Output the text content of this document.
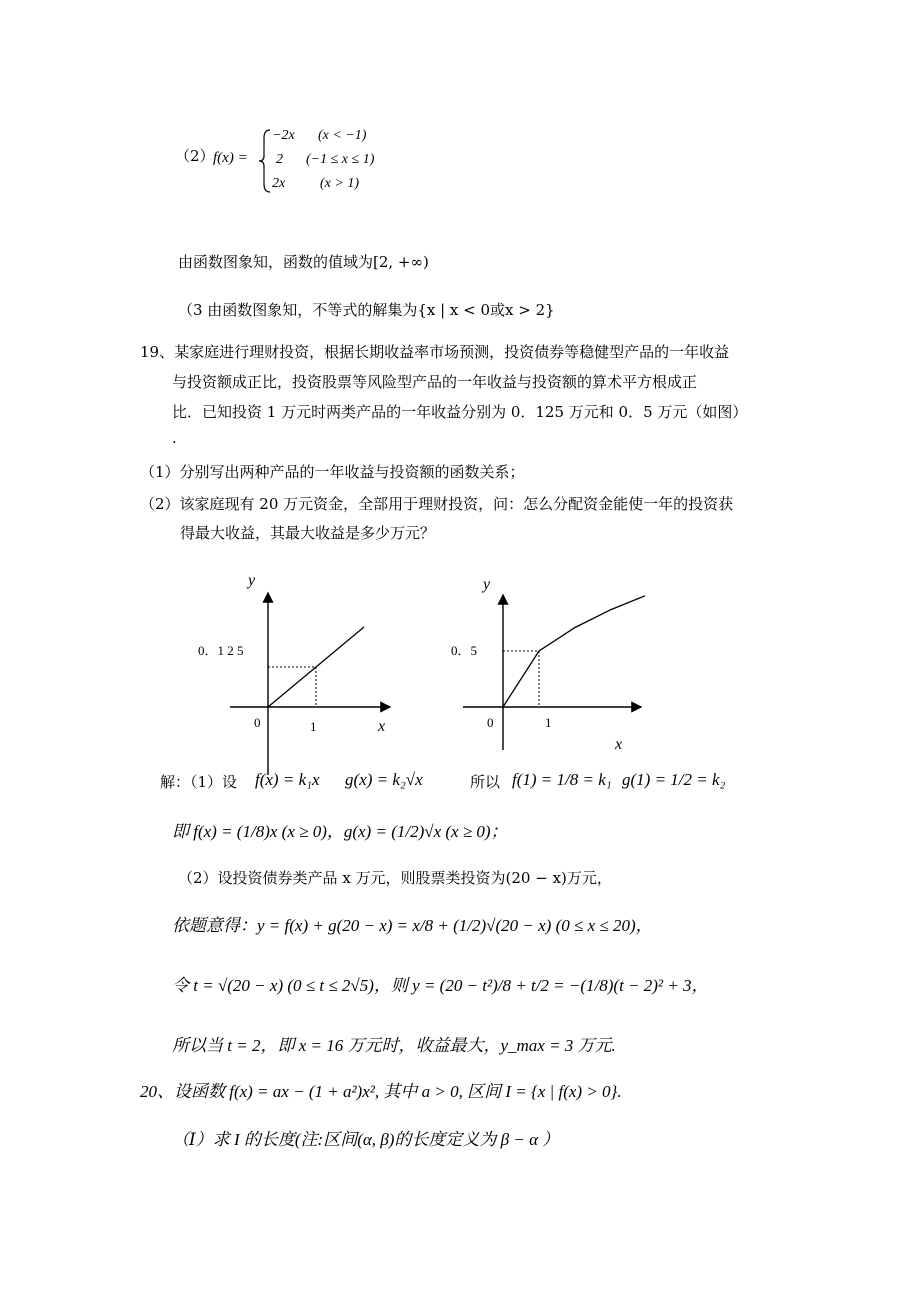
（2）
f(x) =
−2x (x < −1)
2 (−1 ≤ x ≤ 1)
2x (x > 1)
由函数图象知，函数的值域为[2, +∞)
（3 由函数图象知，不等式的解集为{x | x < 0或x > 2}
19、某家庭进行理财投资，根据长期收益率市场预测，投资债券等稳健型产品的一年收益
与投资额成正比，投资股票等风险型产品的一年收益与投资额的算术平方根成正
比．已知投资 1 万元时两类产品的一年收益分别为 0．125 万元和 0．5 万元（如图）
.
（1）分别写出两种产品的一年收益与投资额的函数关系；
（2）该家庭现有 20 万元资金，全部用于理财投资，问：怎么分配资金能使一年的投资获
得最大收益，其最大收益是多少万元？
y
x
0．1 2 5
1
0
y
x
0．5
1
0
解：（1）设 f(x) = k₁x g(x) = k₂√x	所以 f(1) = 1/8 = k₁ g(1) = 1/2 = k₂
即 f(x) = (1/8)x (x ≥ 0)，g(x) = (1/2)√x (x ≥ 0)；
（2）设投资债券类产品 x 万元，则股票类投资为(20 − x)万元，
依题意得：y = f(x) + g(20 − x) = x/8 + (1/2)√(20 − x) (0 ≤ x ≤ 20)，
令 t = √(20 − x) (0 ≤ t ≤ 2√5)，则 y = (20 − t²)/8 + t/2 = −(1/8)(t − 2)² + 3，
所以当 t = 2，即 x = 16 万元时，收益最大，y_max = 3 万元.
20、设函数 f(x) = ax − (1 + a²)x², 其中 a > 0, 区间 I = {x | f(x) > 0}.
（Ⅰ）求 I 的长度(注:区间(α, β)的长度定义为 β − α ）
